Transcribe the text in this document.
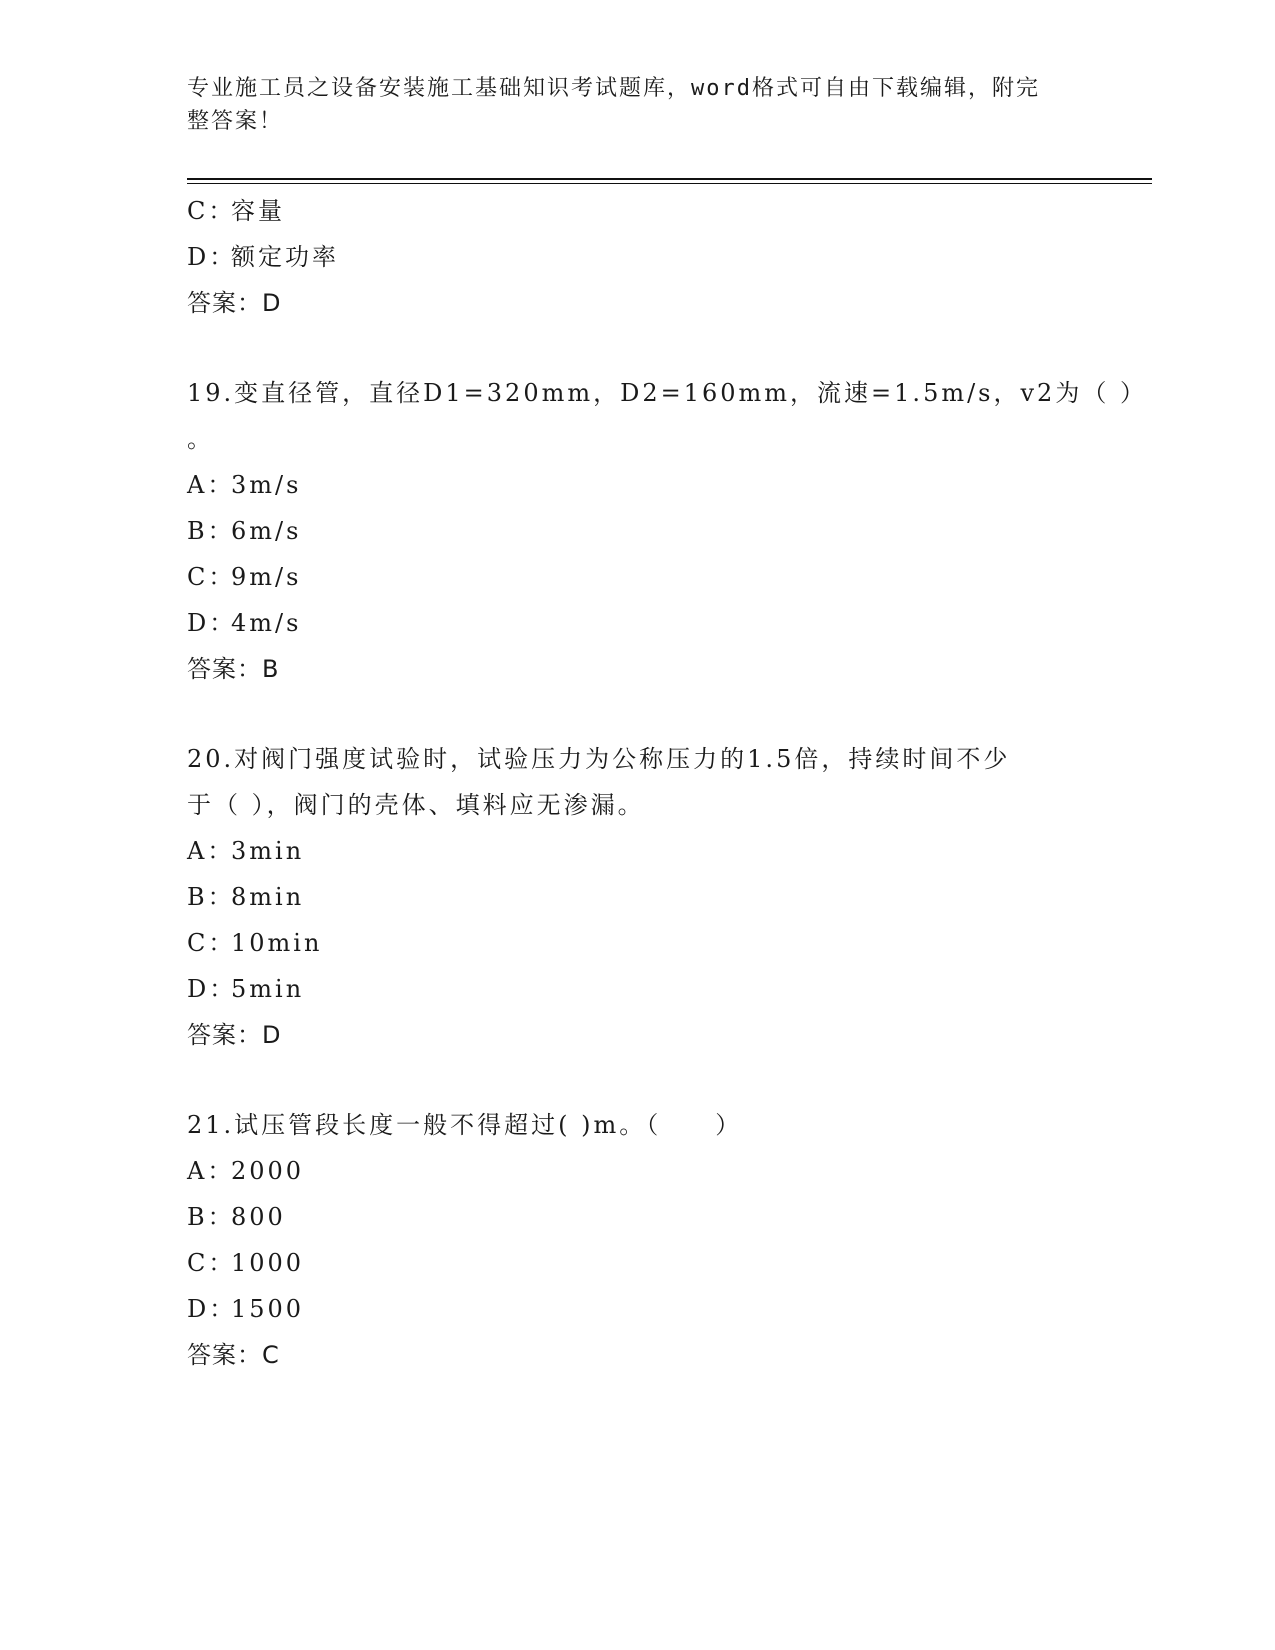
专业施工员之设备安装施工基础知识考试题库，word格式可自由下载编辑，附完
整答案！
C：容量
D：额定功率
答案：D
19.变直径管，直径D1=320mm，D2=160mm，流速=1.5m/s，v2为（ ）
。
A：3m/s
B：6m/s
C：9m/s
D：4m/s
答案：B
20.对阀门强度试验时，试验压力为公称压力的1.5倍，持续时间不少
于（ ），阀门的壳体、填料应无渗漏。
A：3min
B：8min
C：10min
D：5min
答案：D
21.试压管段长度一般不得超过( )m。（　　）
A：2000
B：800
C：1000
D：1500
答案：C
